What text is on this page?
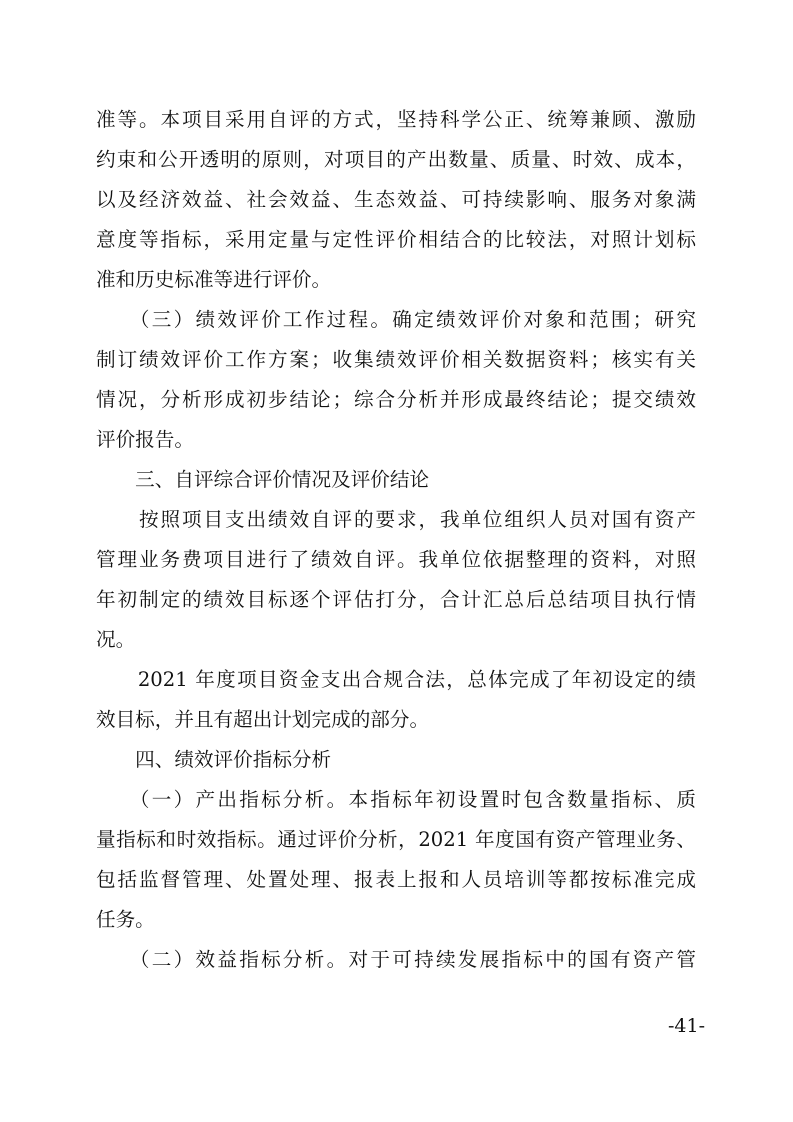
准等。本项目采用自评的方式，坚持科学公正、统筹兼顾、激励
约束和公开透明的原则，对项目的产出数量、质量、时效、成本，
以及经济效益、社会效益、生态效益、可持续影响、服务对象满
意度等指标，采用定量与定性评价相结合的比较法，对照计划标
准和历史标准等进行评价。
　　（三）绩效评价工作过程。确定绩效评价对象和范围；研究
制订绩效评价工作方案；收集绩效评价相关数据资料；核实有关
情况，分析形成初步结论；综合分析并形成最终结论；提交绩效
评价报告。
　　三、自评综合评价情况及评价结论
　　按照项目支出绩效自评的要求，我单位组织人员对国有资产
管理业务费项目进行了绩效自评。我单位依据整理的资料，对照
年初制定的绩效目标逐个评估打分，合计汇总后总结项目执行情
况。
　　2021 年度项目资金支出合规合法，总体完成了年初设定的绩
效目标，并且有超出计划完成的部分。
　　四、绩效评价指标分析
　　（一）产出指标分析。本指标年初设置时包含数量指标、质
量指标和时效指标。通过评价分析，2021 年度国有资产管理业务、
包括监督管理、处置处理、报表上报和人员培训等都按标准完成
任务。
　　（二）效益指标分析。对于可持续发展指标中的国有资产管
-41-
